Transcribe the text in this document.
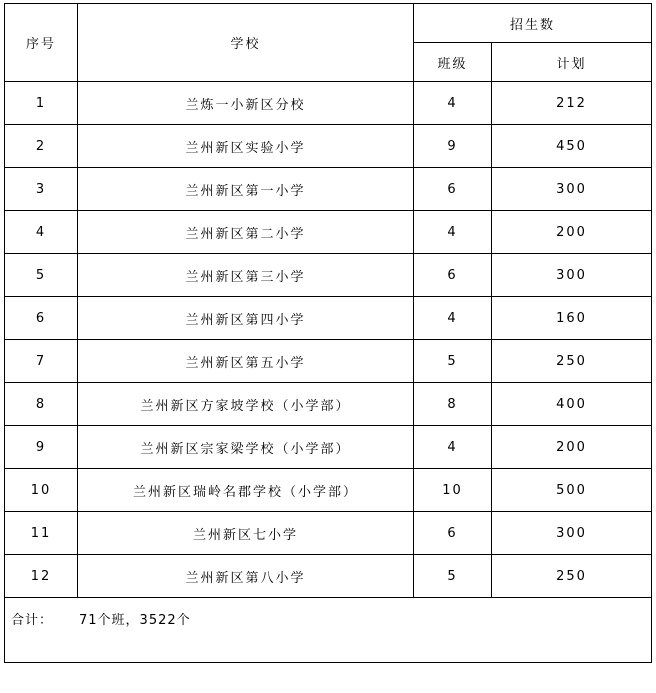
序号	学校	招生数	
		班级	计划
1	兰炼一小新区分校	4	212
2	兰州新区实验小学	9	450
3	兰州新区第一小学	6	300
4	兰州新区第二小学	4	200
5	兰州新区第三小学	6	300
6	兰州新区第四小学	4	160
7	兰州新区第五小学	5	250
8	兰州新区方家坡学校（小学部）	8	400
9	兰州新区宗家梁学校（小学部）	4	200
10	兰州新区瑞岭名郡学校（小学部）	10	500
11	兰州新区七小学	6	300
12	兰州新区第八小学	5	250
合计： 71个班，3522个			
